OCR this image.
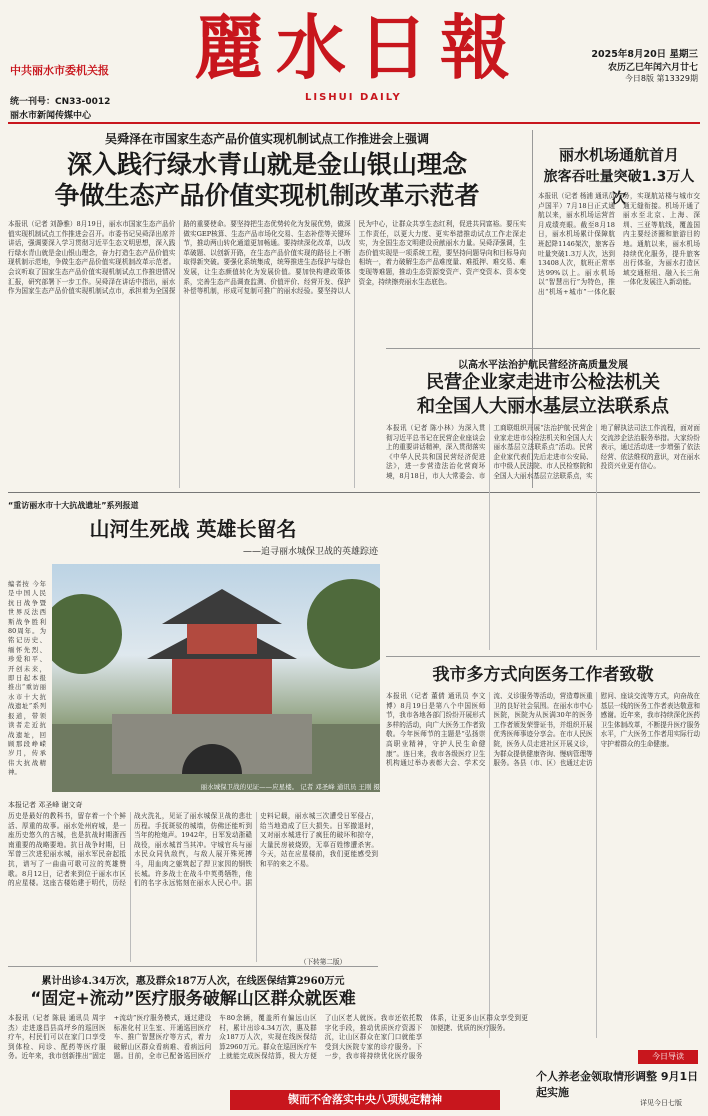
中共丽水市委机关报
统一刊号：CN33-0012
丽水市新闻传媒中心
麗水日報
LISHUI DAILY
2025年8月20日 星期三
农历乙巳年闰六月廿七
今日8版 第13329期
吴舜泽在市国家生态产品价值实现机制试点工作推进会上强调
深入践行绿水青山就是金山银山理念
争做生态产品价值实现机制改革示范者
本报讯（记者 刘静雅）8月19日，丽水市国家生态产品价值实现机制试点工作推进会召开。市委书记吴舜泽出席并讲话，强调要深入学习贯彻习近平生态文明思想，深入践行绿水青山就是金山银山理念，奋力打造生态产品价值实现机制示范地，争做生态产品价值实现机制改革示范者。会议听取了国家生态产品价值实现机制试点工作推进情况汇报，研究部署下一步工作。吴舜泽在讲话中指出，丽水作为国家生态产品价值实现机制试点市，承担着为全国探路的重要使命。要坚持把生态优势转化为发展优势，做深做实GEP核算、生态产品市场化交易、生态补偿等关键环节，推动两山转化通道更加畅通。要持续深化改革，以改革破题、以创新开路，在生态产品价值实现的路径上不断取得新突破。要强化系统集成，统筹推进生态保护与绿色发展，让生态颜值转化为发展价值。要加快构建政策体系，完善生态产品调查监测、价值评价、经营开发、保护补偿等机制，形成可复制可推广的丽水经验。要坚持以人民为中心，让群众共享生态红利，促进共同富裕。要压实工作责任，以更大力度、更实举措推动试点工作走深走实，为全国生态文明建设贡献丽水力量。吴舜泽强调，生态价值实现是一项系统工程，要坚持问题导向和目标导向相统一，着力破解生态产品难度量、难抵押、难交易、难变现等难题，推动生态资源变资产、资产变资本、资本变资金，持续擦亮丽水生态底色。
丽水机场通航首月
旅客吞吐量突破1.3万人次
本报讯（记者 杨浦 通讯员 卢国平）7月18日正式通航以来，丽水机场运营首月成绩亮眼。截至8月18日，丽水机场累计保障航班起降1146架次，旅客吞吐量突破1.3万人次，达到13408人次，航班正常率达99%以上。丽水机场以“智慧出行”为特色，推出“机场+城市”一体化服务，实现航站楼与城市交通无缝衔接。机场开通了丽水至北京、上海、深圳、三亚等航线，覆盖国内主要经济圈和旅游目的地。通航以来，丽水机场持续优化服务，提升旅客出行体验，为丽水打造区域交通枢纽、融入长三角一体化发展注入新动能。
以高水平法治护航民营经济高质量发展
民营企业家走进市公检法机关
和全国人大丽水基层立法联系点
本报讯（记者 陈小林）为深入贯彻习近平总书记在民营企业座谈会上的重要讲话精神，深入贯彻落实《中华人民共和国民营经济促进法》，进一步营造法治化营商环境，8月18日，市人大常委会、市工商联组织开展“法治护航·民营企业家走进市公检法机关和全国人大丽水基层立法联系点”活动。民营企业家代表们先后走进市公安局、市中级人民法院、市人民检察院和全国人大丽水基层立法联系点，实地了解执法司法工作流程，面对面交流涉企法治服务举措。大家纷纷表示，通过活动进一步增强了依法经营、依法维权的意识，对在丽水投资兴业更有信心。
“重访丽水市十大抗战遗址”系列报道
山河生死战 英雄长留名
——追寻丽水城保卫战的英雄踪迹
编者按 今年是中国人民抗日战争暨世界反法西斯战争胜利80周年。为铭记历史、缅怀先烈、珍爱和平、开创未来，即日起本报推出“重访丽水市十大抗战遗址”系列报道，带领读者走近抗战遗址，回顾那段峥嵘岁月，传承伟大抗战精神。
丽水城保卫战的见证——应星楼。 记者 邓圣峰 通讯员 王刚 摄
本报记者 邓圣峰 谢文奇
历史是最好的教科书，留存着一个个鲜活、厚重的故事。丽水处州府城，是一座历史悠久的古城，也是抗战时期浙西南重要的战略要地。抗日战争时期，日军曾三次进犯丽水城，丽水军民奋起抵抗，谱写了一曲曲可歌可泣的英雄赞歌。8月12日，记者来到位于丽水市区的应星楼。这座古楼始建于明代，历经战火洗礼，见证了丽水城保卫战的悲壮历程。手抚斑驳的城墙，仿佛还能听到当年的枪炮声。1942年，日军发动浙赣战役，丽水城首当其冲。守城官兵与丽水民众同仇敌忾，与敌人展开殊死搏斗，用血肉之躯筑起了捍卫家园的钢铁长城。许多战士在战斗中英勇牺牲，他们的名字永远铭刻在丽水人民心中。据史料记载，丽水城三次遭受日军侵占，给当地造成了巨大损失。日军撤退时，又对丽水城进行了疯狂的破坏和掠夺，大量民房被烧毁，无辜百姓惨遭杀害。今天，站在应星楼前，我们更能感受到和平的来之不易。
（下转第二版）
我市多方式向医务工作者致敬
本报讯（记者 董倩 通讯员 李文博）8月19日是第八个中国医师节，我市各地各部门纷纷开展形式多样的活动，向广大医务工作者致敬。今年医师节的主题是“弘扬崇高职业精神，守护人民生命健康”。连日来，我市各级医疗卫生机构通过举办表彰大会、学术交流、义诊服务等活动，营造尊医重卫的良好社会氛围。在丽水市中心医院，医院为从医满30年的医务工作者颁发荣誉证书，并组织开展优秀医师事迹分享会。在市人民医院，医务人员走进社区开展义诊，为群众提供健康咨询、慢病管理等服务。各县（市、区）也通过走访慰问、座谈交流等方式，向奋战在基层一线的医务工作者表达敬意和感谢。近年来，我市持续深化医药卫生体制改革，不断提升医疗服务水平，广大医务工作者用实际行动守护着群众的生命健康。
累计出诊4.34万次，惠及群众187万人次，在线医保结算2960万元
“固定+流动”医疗服务破解山区群众就医难
本报讯（记者 陈晨 通讯员 周宇杰）走进遂昌县高坪乡的巡回医疗车，村民们可以在家门口享受到体检、问诊、配药等医疗服务。近年来，我市创新推出“固定+流动”医疗服务模式，通过建设标准化村卫生室、开通巡回医疗车、推广智慧医疗等方式，着力破解山区群众看病难、看病远问题。目前，全市已配备巡回医疗车80余辆，覆盖所有偏远山区村，累计出诊4.34万次，惠及群众187万人次，实现在线医保结算2960万元。群众在巡回医疗车上就能完成医保结算，极大方便了山区老人就医。我市还依托数字化手段，推动优质医疗资源下沉，让山区群众在家门口就能享受到大医院专家的诊疗服务。下一步，我市将持续优化医疗服务体系，让更多山区群众享受到更加便捷、优质的医疗服务。
今日导读
个人养老金领取情形调整 9月1日起实施
详见今日七版
锲而不舍落实中央八项规定精神
